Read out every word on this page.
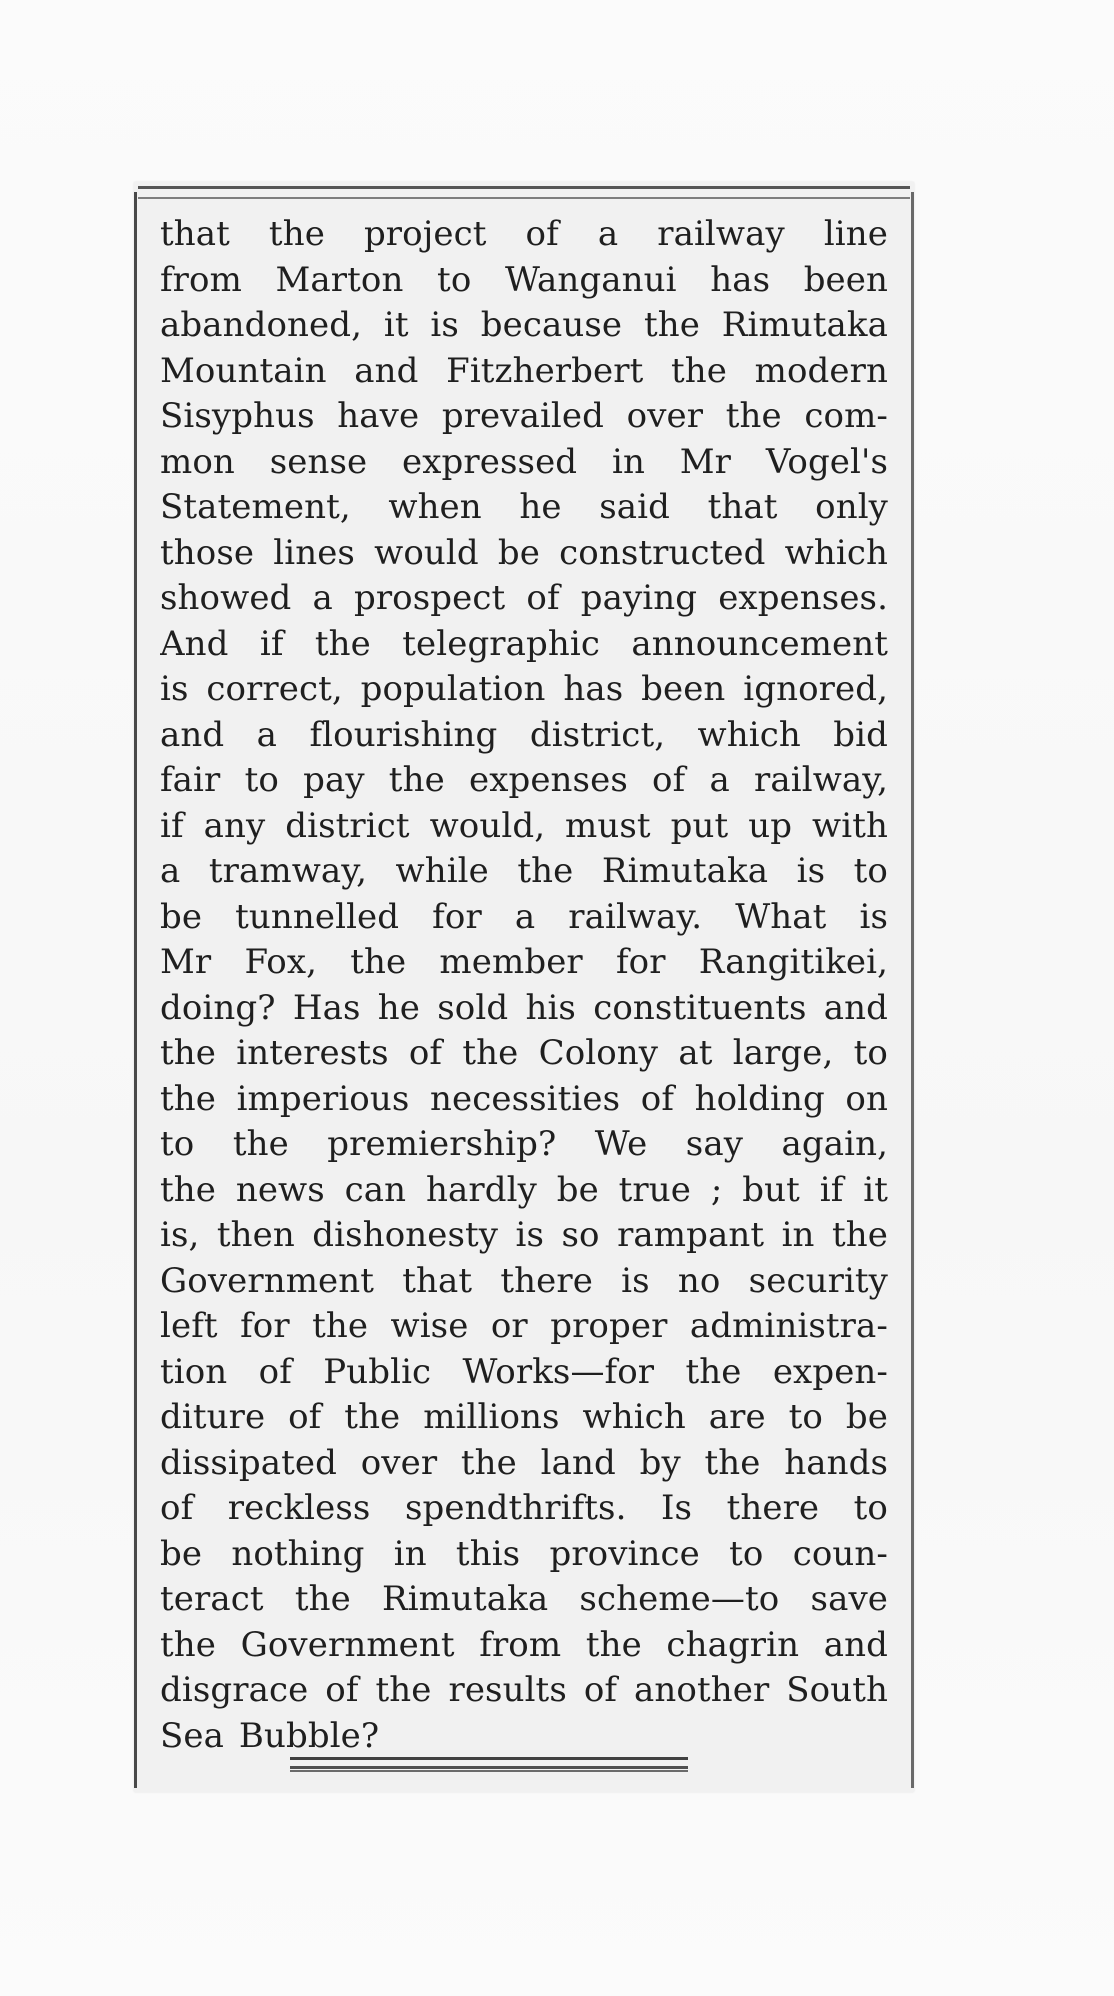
that the project of a railway line
from Marton to Wanganui has been
abandoned, it is because the Rimutaka
Mountain and Fitzherbert the modern
Sisyphus have prevailed over the com-
mon sense expressed in Mr Vogel's
Statement, when he said that only
those lines would be constructed which
showed a prospect of paying expenses.
And if the telegraphic announcement
is correct, population has been ignored,
and a flourishing district, which bid
fair to pay the expenses of a railway,
if any district would, must put up with
a tramway, while the Rimutaka is to
be tunnelled for a railway. What is
Mr Fox, the member for Rangitikei,
doing? Has he sold his constituents and
the interests of the Colony at large, to
the imperious necessities of holding on
to the premiership? We say again,
the news can hardly be true ; but if it
is, then dishonesty is so rampant in the
Government that there is no security
left for the wise or proper administra-
tion of Public Works—for the expen-
diture of the millions which are to be
dissipated over the land by the hands
of reckless spendthrifts. Is there to
be nothing in this province to coun-
teract the Rimutaka scheme—to save
the Government from the chagrin and
disgrace of the results of another South
Sea Bubble?
